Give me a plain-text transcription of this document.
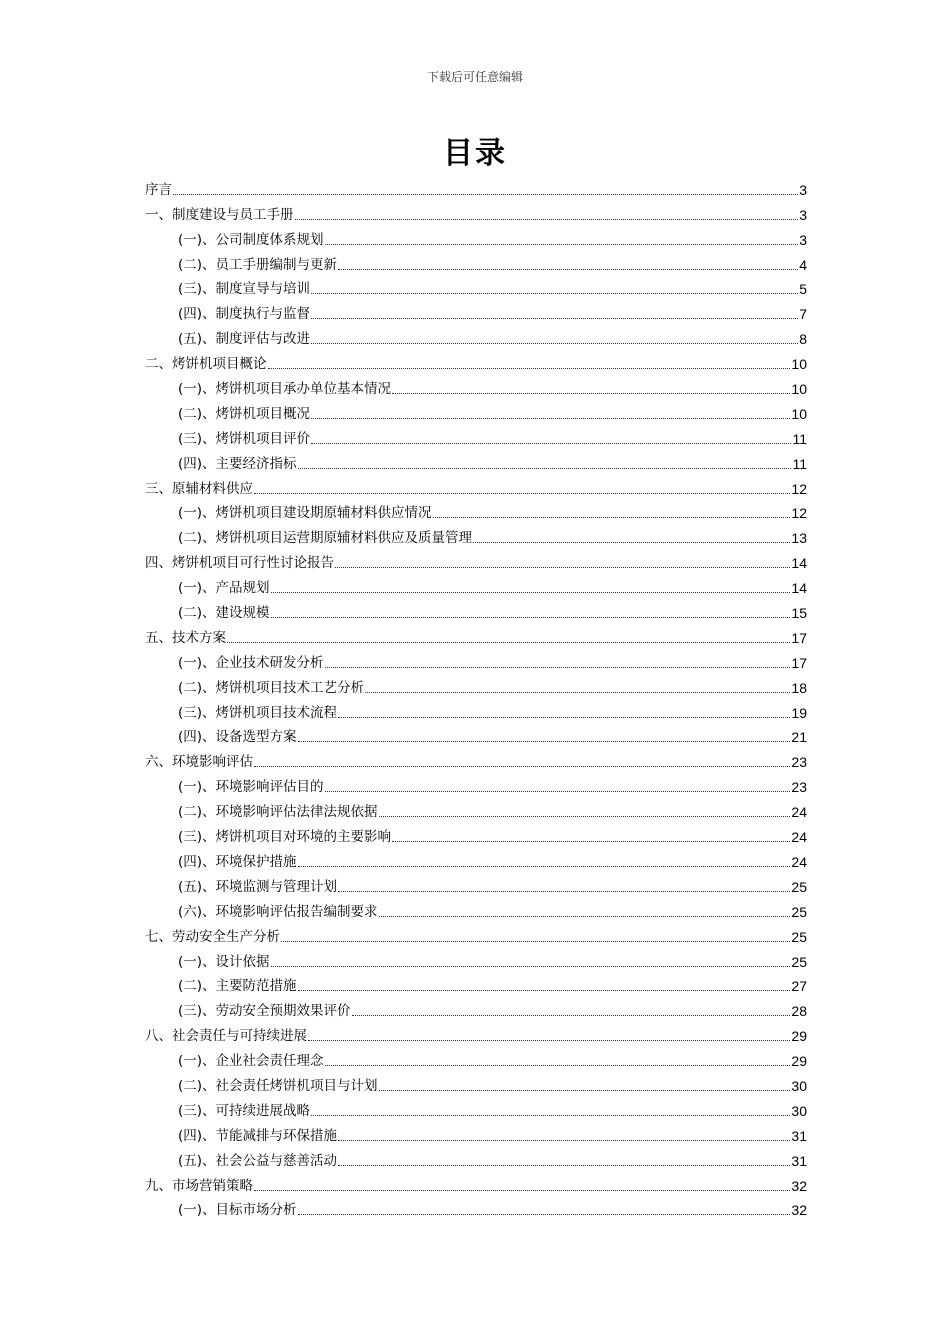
下载后可任意编辑
目录
序言	3
一、制度建设与员工手册	3
(一)、公司制度体系规划	3
(二)、员工手册编制与更新	4
(三)、制度宣导与培训	5
(四)、制度执行与监督	7
(五)、制度评估与改进	8
二、烤饼机项目概论	10
(一)、烤饼机项目承办单位基本情况	10
(二)、烤饼机项目概况	10
(三)、烤饼机项目评价	11
(四)、主要经济指标	11
三、原辅材料供应	12
(一)、烤饼机项目建设期原辅材料供应情况	12
(二)、烤饼机项目运营期原辅材料供应及质量管理	13
四、烤饼机项目可行性讨论报告	14
(一)、产品规划	14
(二)、建设规模	15
五、技术方案	17
(一)、企业技术研发分析	17
(二)、烤饼机项目技术工艺分析	18
(三)、烤饼机项目技术流程	19
(四)、设备选型方案	21
六、环境影响评估	23
(一)、环境影响评估目的	23
(二)、环境影响评估法律法规依据	24
(三)、烤饼机项目对环境的主要影响	24
(四)、环境保护措施	24
(五)、环境监测与管理计划	25
(六)、环境影响评估报告编制要求	25
七、劳动安全生产分析	25
(一)、设计依据	25
(二)、主要防范措施	27
(三)、劳动安全预期效果评价	28
八、社会责任与可持续进展	29
(一)、企业社会责任理念	29
(二)、社会责任烤饼机项目与计划	30
(三)、可持续进展战略	30
(四)、节能减排与环保措施	31
(五)、社会公益与慈善活动	31
九、市场营销策略	32
(一)、目标市场分析	32
